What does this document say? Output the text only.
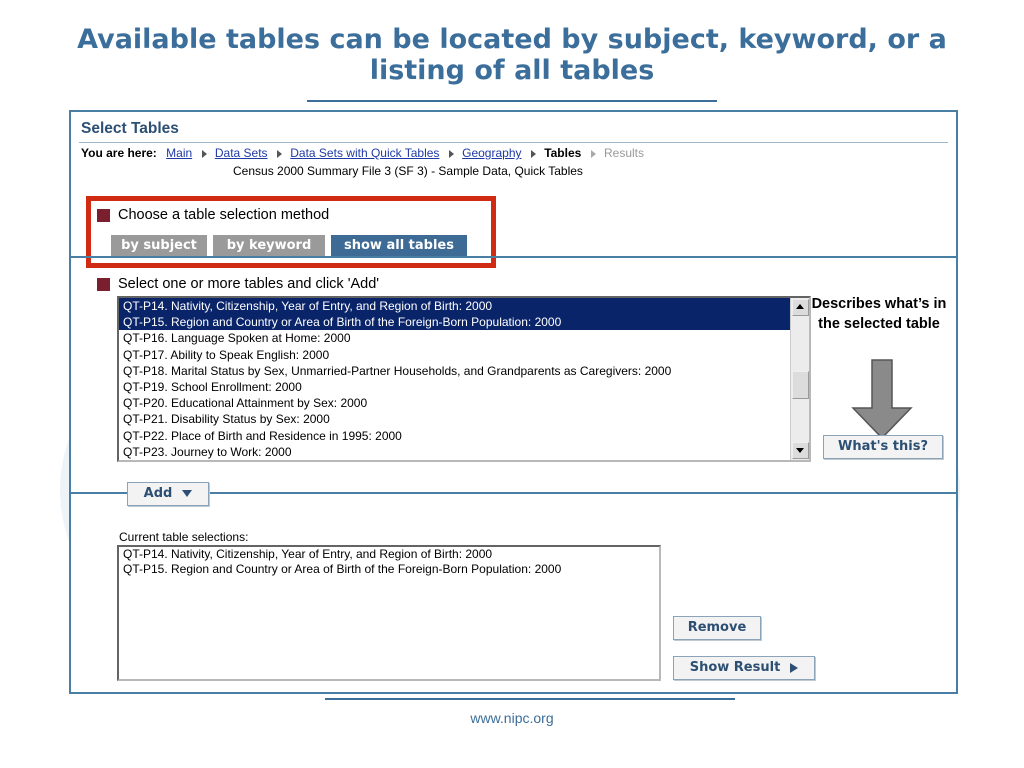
Available tables can be located by subject, keyword, or a listing of all tables
Select Tables
You are here: Main Data Sets Data Sets with Quick Tables Geography Tables Results
Census 2000 Summary File 3 (SF 3) - Sample Data, Quick Tables
Choose a table selection method
by subject	by keyword	show all tables
Select one or more tables and click 'Add'
QT-P14. Nativity, Citizenship, Year of Entry, and Region of Birth: 2000
QT-P15. Region and Country or Area of Birth of the Foreign-Born Population: 2000
QT-P16. Language Spoken at Home: 2000
QT-P17. Ability to Speak English: 2000
QT-P18. Marital Status by Sex, Unmarried-Partner Households, and Grandparents as Caregivers: 2000
QT-P19. School Enrollment: 2000
QT-P20. Educational Attainment by Sex: 2000
QT-P21. Disability Status by Sex: 2000
QT-P22. Place of Birth and Residence in 1995: 2000
QT-P23. Journey to Work: 2000
Describes what’s in the selected table
What's this?
Add
Current table selections:
QT-P14. Nativity, Citizenship, Year of Entry, and Region of Birth: 2000
QT-P15. Region and Country or Area of Birth of the Foreign-Born Population: 2000
Remove
Show Result
www.nipc.org
